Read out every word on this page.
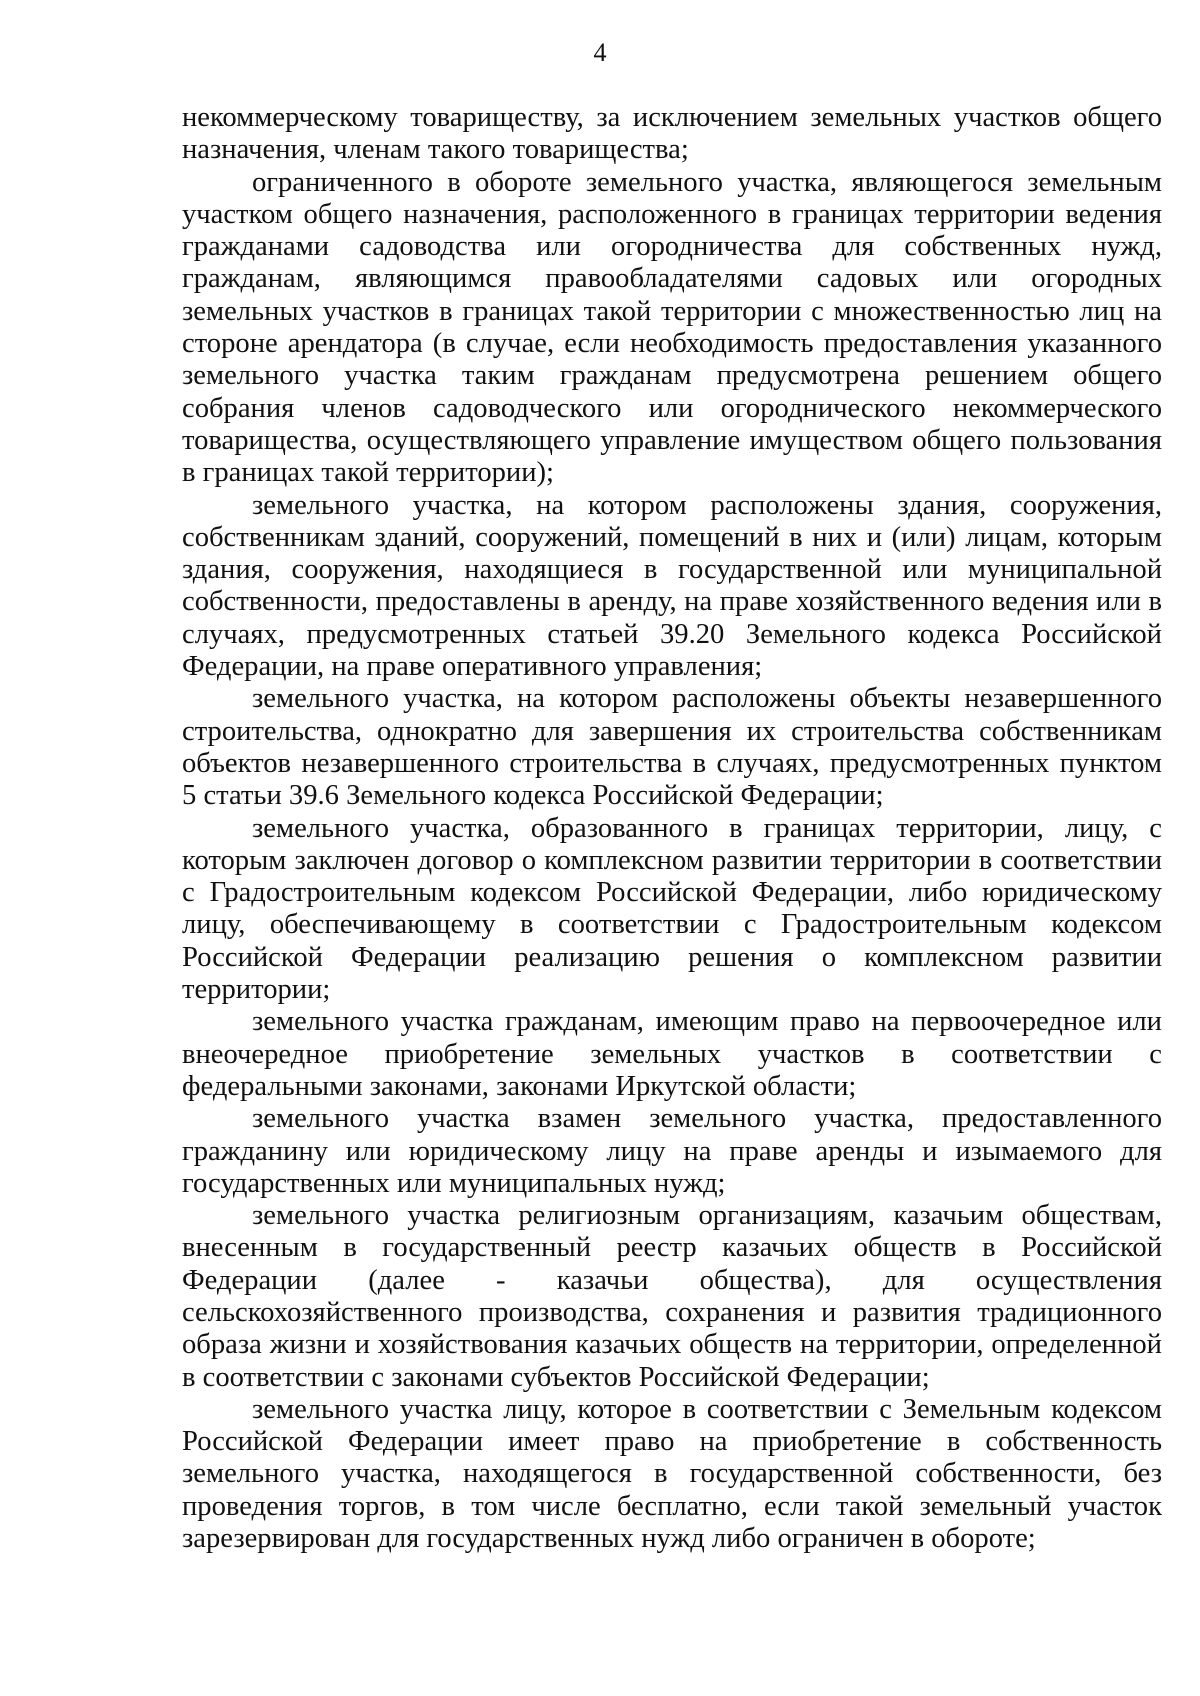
4

некоммерческому товариществу, за исключением земельных участков общего назначения, членам такого товарищества;

ограниченного в обороте земельного участка, являющегося земельным участком общего назначения, расположенного в границах территории ведения гражданами садоводства или огородничества для собственных нужд, гражданам, являющимся правообладателями садовых или огородных земельных участков в границах такой территории с множественностью лиц на стороне арендатора (в случае, если необходимость предоставления указанного земельного участка таким гражданам предусмотрена решением общего собрания членов садоводческого или огороднического некоммерческого товарищества, осуществляющего управление имуществом общего пользования в границах такой территории);

земельного участка, на котором расположены здания, сооружения, собственникам зданий, сооружений, помещений в них и (или) лицам, которым здания, сооружения, находящиеся в государственной или муниципальной собственности, предоставлены в аренду, на праве хозяйственного ведения или в случаях, предусмотренных статьей 39.20 Земельного кодекса Российской Федерации, на праве оперативного управления;

земельного участка, на котором расположены объекты незавершенного строительства, однократно для завершения их строительства собственникам объектов незавершенного строительства в случаях, предусмотренных пунктом 5 статьи 39.6 Земельного кодекса Российской Федерации;

земельного участка, образованного в границах территории, лицу, с которым заключен договор о комплексном развитии территории в соответствии с Градостроительным кодексом Российской Федерации, либо юридическому лицу, обеспечивающему в соответствии с Градостроительным кодексом Российской Федерации реализацию решения о комплексном развитии территории;

земельного участка гражданам, имеющим право на первоочередное или внеочередное приобретение земельных участков в соответствии с федеральными законами, законами Иркутской области;

земельного участка взамен земельного участка, предоставленного гражданину или юридическому лицу на праве аренды и изымаемого для государственных или муниципальных нужд;

земельного участка религиозным организациям, казачьим обществам, внесенным в государственный реестр казачьих обществ в Российской Федерации (далее - казачьи общества), для осуществления сельскохозяйственного производства, сохранения и развития традиционного образа жизни и хозяйствования казачьих обществ на территории, определенной в соответствии с законами субъектов Российской Федерации;

земельного участка лицу, которое в соответствии с Земельным кодексом Российской Федерации имеет право на приобретение в собственность земельного участка, находящегося в государственной собственности, без проведения торгов, в том числе бесплатно, если такой земельный участок зарезервирован для государственных нужд либо ограничен в обороте;
